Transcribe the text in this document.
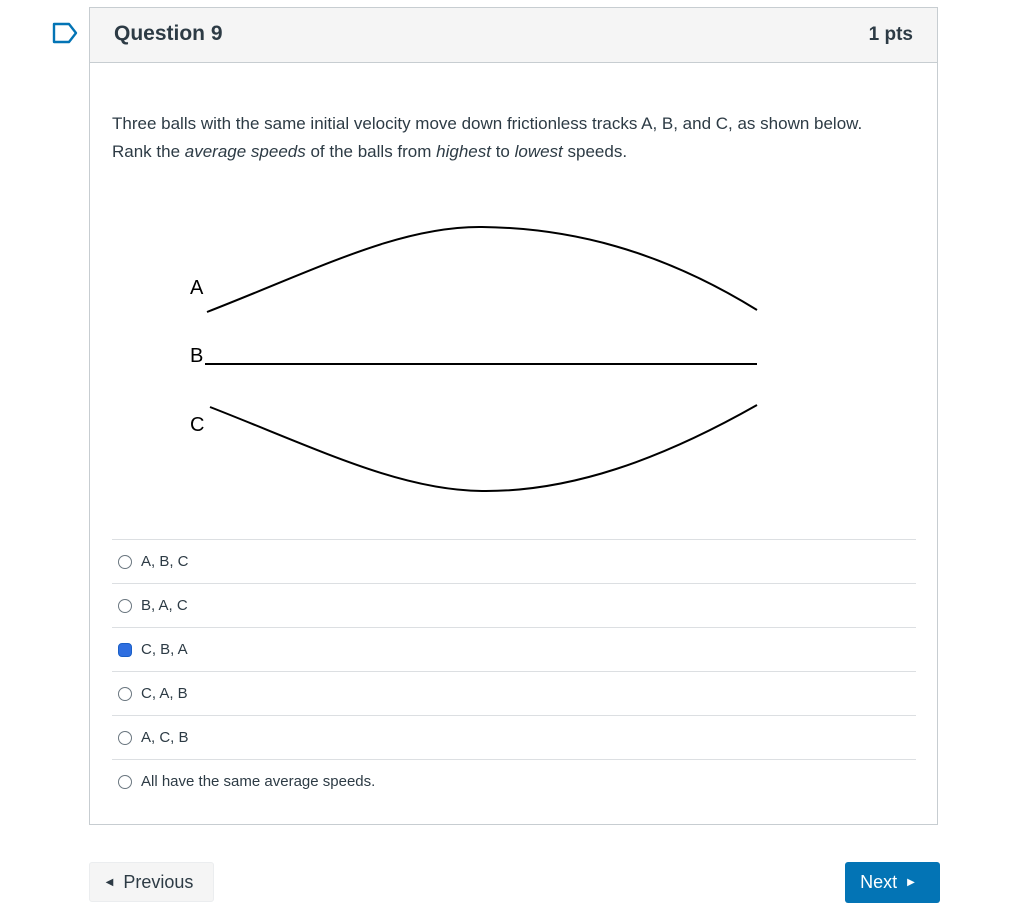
Question 9	1 pts
Three balls with the same initial velocity move down frictionless tracks A, B, and C, as shown below. Rank the average speeds of the balls from highest to lowest speeds.
A
B
C
A, B, C
B, A, C
C, B, A
C, A, B
A, C, B
All have the same average speeds.
◀ Previous	Next ▶
